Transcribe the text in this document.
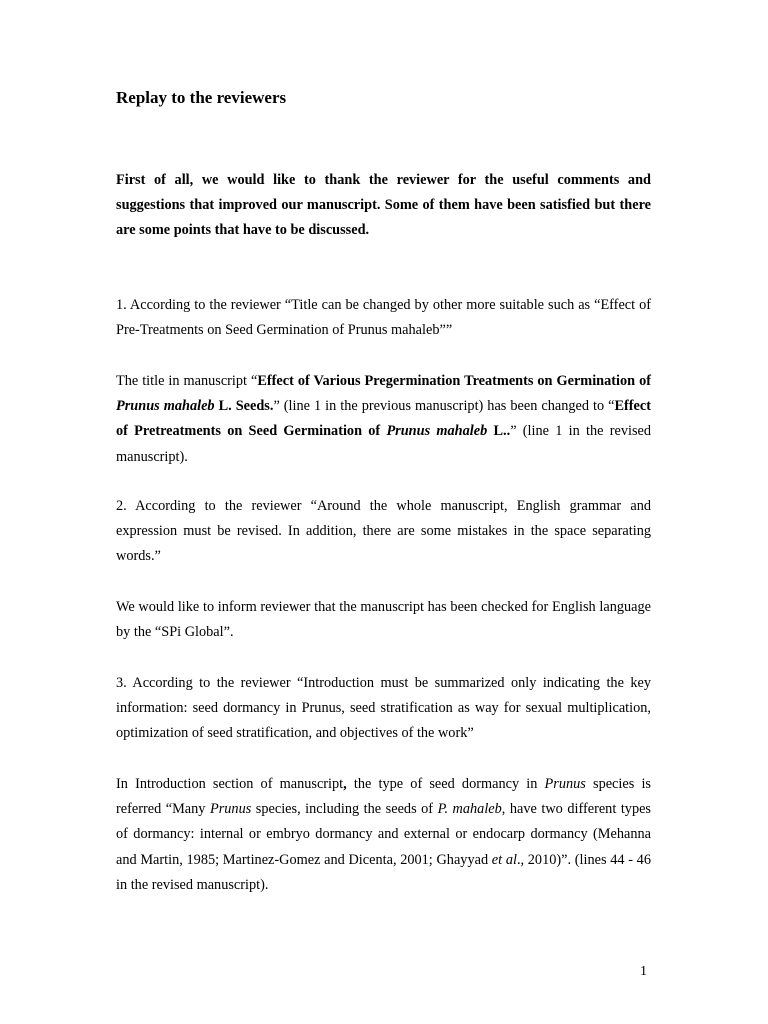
Replay to the reviewers

First of all, we would like to thank the reviewer for the useful comments and suggestions that improved our manuscript. Some of them have been satisfied but there are some points that have to be discussed.

1. According to the reviewer “Title can be changed by other more suitable such as “Effect of Pre-Treatments on Seed Germination of Prunus mahaleb””

The title in manuscript “Effect of Various Pregermination Treatments on Germination of Prunus mahaleb L. Seeds.” (line 1 in the previous manuscript) has been changed to “Effect of Pretreatments on Seed Germination of Prunus mahaleb L..” (line 1 in the revised manuscript).

2. According to the reviewer “Around the whole manuscript, English grammar and expression must be revised. In addition, there are some mistakes in the space separating words.”

We would like to inform reviewer that the manuscript has been checked for English language by the “SPi Global”.

3. According to the reviewer “Introduction must be summarized only indicating the key information: seed dormancy in Prunus, seed stratification as way for sexual multiplication, optimization of seed stratification, and objectives of the work”

In Introduction section of manuscript, the type of seed dormancy in Prunus species is referred “Many Prunus species, including the seeds of P. mahaleb, have two different types of dormancy: internal or embryo dormancy and external or endocarp dormancy (Mehanna and Martin, 1985; Martinez-Gomez and Dicenta, 2001; Ghayyad et al., 2010)”. (lines 44 - 46 in the revised manuscript).

1
